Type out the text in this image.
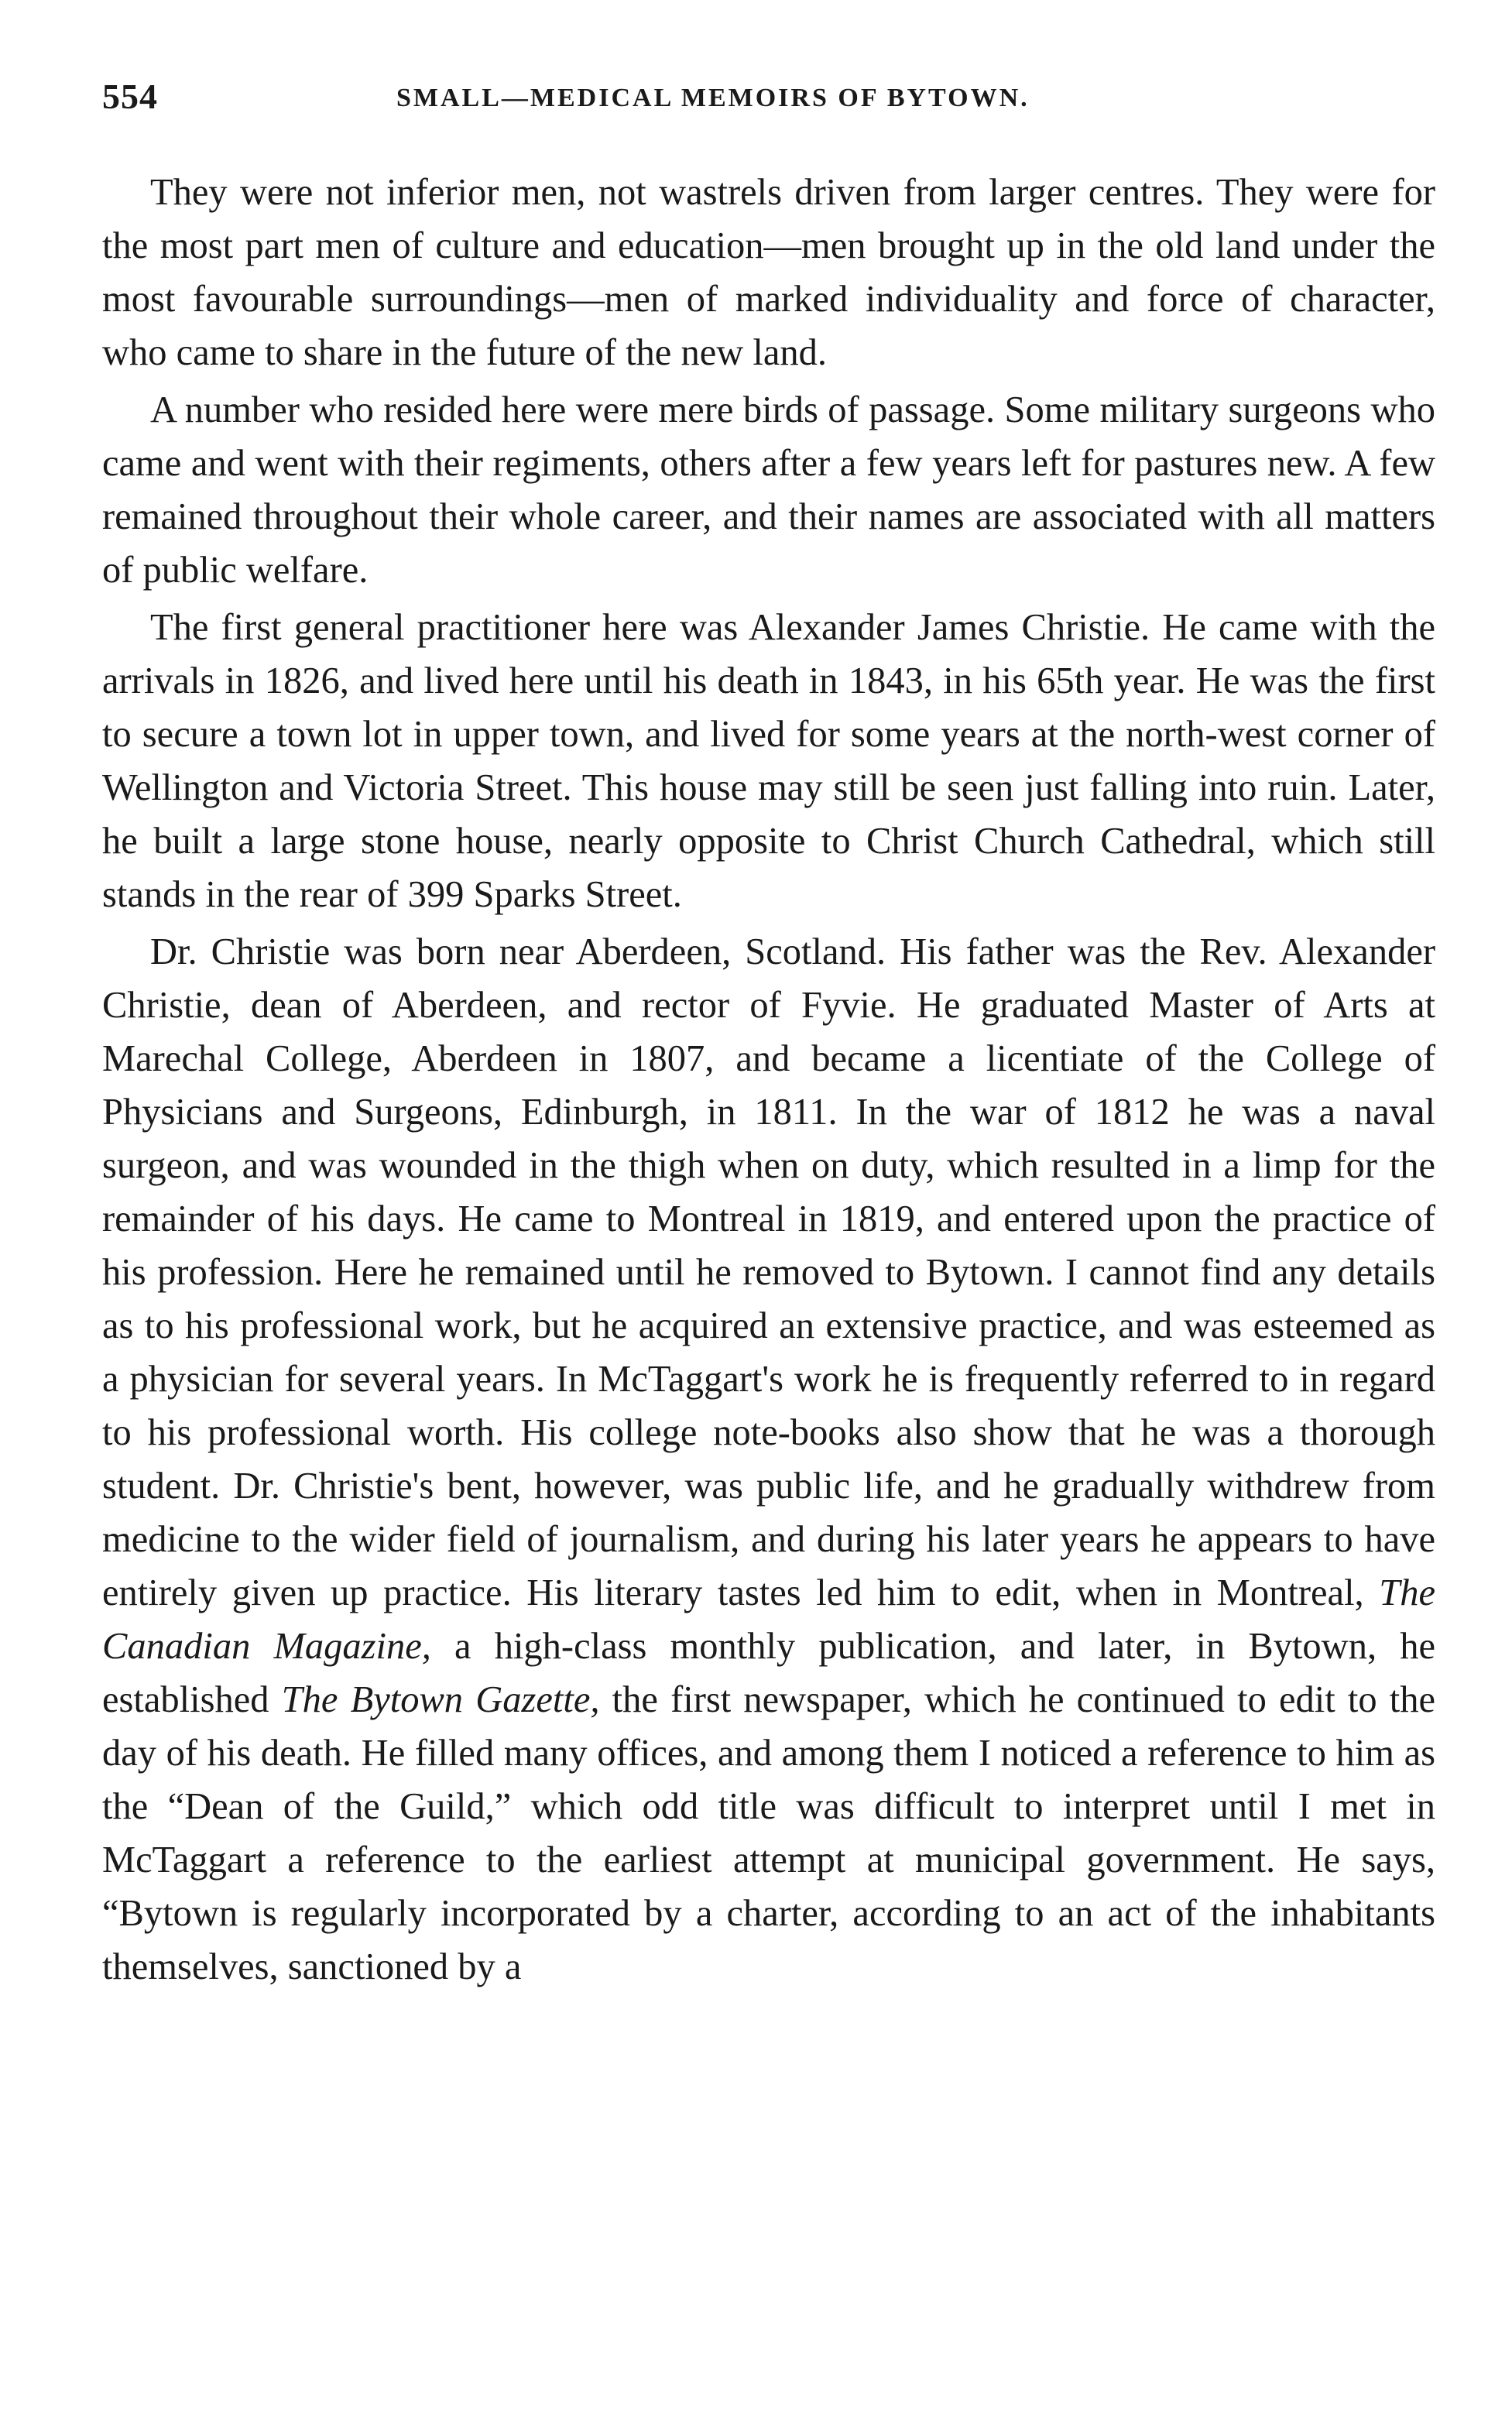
554	SMALL—MEDICAL MEMOIRS OF BYTOWN.

They were not inferior men, not wastrels driven from larger centres. They were for the most part men of culture and education—men brought up in the old land under the most favourable surroundings—men of marked individuality and force of character, who came to share in the future of the new land.

A number who resided here were mere birds of passage. Some military surgeons who came and went with their regiments, others after a few years left for pastures new. A few remained throughout their whole career, and their names are associated with all matters of public welfare.

The first general practitioner here was Alexander James Christie. He came with the arrivals in 1826, and lived here until his death in 1843, in his 65th year. He was the first to secure a town lot in upper town, and lived for some years at the north-west corner of Wellington and Victoria Street. This house may still be seen just falling into ruin. Later, he built a large stone house, nearly opposite to Christ Church Cathedral, which still stands in the rear of 399 Sparks Street.

Dr. Christie was born near Aberdeen, Scotland. His father was the Rev. Alexander Christie, dean of Aberdeen, and rector of Fyvie. He graduated Master of Arts at Marechal College, Aberdeen in 1807, and became a licentiate of the College of Physicians and Surgeons, Edinburgh, in 1811. In the war of 1812 he was a naval surgeon, and was wounded in the thigh when on duty, which resulted in a limp for the remainder of his days. He came to Montreal in 1819, and entered upon the practice of his profession. Here he remained until he removed to Bytown. I cannot find any details as to his professional work, but he acquired an extensive practice, and was esteemed as a physician for several years. In McTaggart's work he is frequently referred to in regard to his professional worth. His college note-books also show that he was a thorough student. Dr. Christie's bent, however, was public life, and he gradually withdrew from medicine to the wider field of journalism, and during his later years he appears to have entirely given up practice. His literary tastes led him to edit, when in Montreal, The Canadian Magazine, a high-class monthly publication, and later, in Bytown, he established The Bytown Gazette, the first newspaper, which he continued to edit to the day of his death. He filled many offices, and among them I noticed a reference to him as the “Dean of the Guild,” which odd title was difficult to interpret until I met in McTaggart a reference to the earliest attempt at municipal government. He says, “Bytown is regularly incorporated by a charter, according to an act of the inhabitants themselves, sanctioned by a
